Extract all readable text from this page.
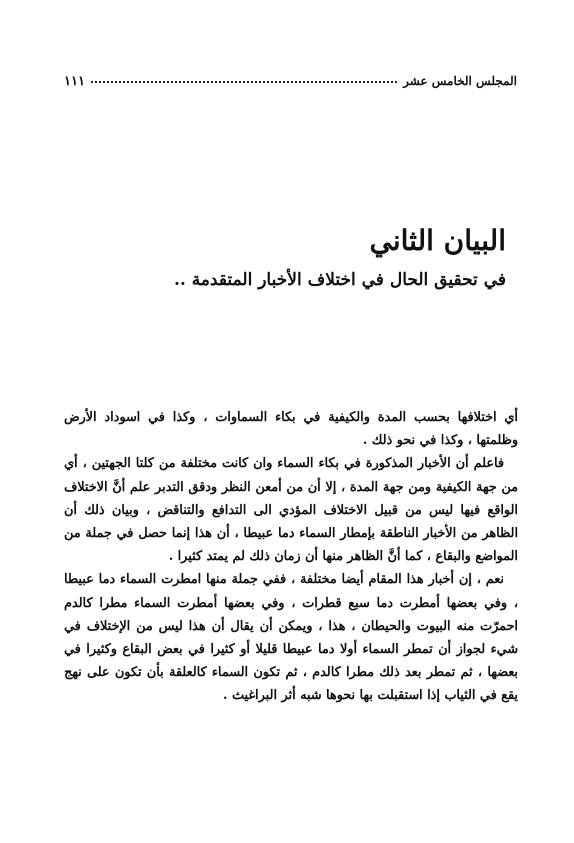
المجلس الخامس عشر
١١١
البيان الثاني
في تحقيق الحال في اختلاف الأخبار المتقدمة ..

أي اختلافها بحسب المدة والكيفية في بكاء السماوات ، وكذا في اسوداد الأرض وظلمتها ، وكذا في نحو ذلك .

فاعلم أن الأخبار المذكورة في بكاء السماء وان كانت مختلفة من كلتا الجهتين ، أي من جهة الكيفية ومن جهة المدة ، إلا أن من أمعن النظر ودقق التدبر علم أنَّ الاختلاف الواقع فيها ليس من قبيل الاختلاف المؤدي الى التدافع والتناقض ، وبيان ذلك أن الظاهر من الأخبار الناطقة بإمطار السماء دما عبيطا ، أن هذا إنما حصل في جملة من المواضع والبقاع ، كما أنَّ الظاهر منها أن زمان ذلك لم يمتد كثيرا .

نعم ، إن أخبار هذا المقام أيضا مختلفة ، ففي جملة منها امطرت السماء دما عبيطا ، وفي بعضها أمطرت دما سبع قطرات ، وفي بعضها أمطرت السماء مطرا كالدم احمرّت منه البيوت والحيطان ، هذا ، ويمكن أن يقال أن هذا ليس من الإختلاف في شيء لجواز أن تمطر السماء أولا دما عبيطا قليلا أو كثيرا في بعض البقاع وكثيرا في بعضها ، ثم تمطر بعد ذلك مطرا كالدم ، ثم تكون السماء كالعلقة بأن تكون على نهج يقع في الثياب إذا استقبلت بها نحوها شبه أثر البراغيث .
